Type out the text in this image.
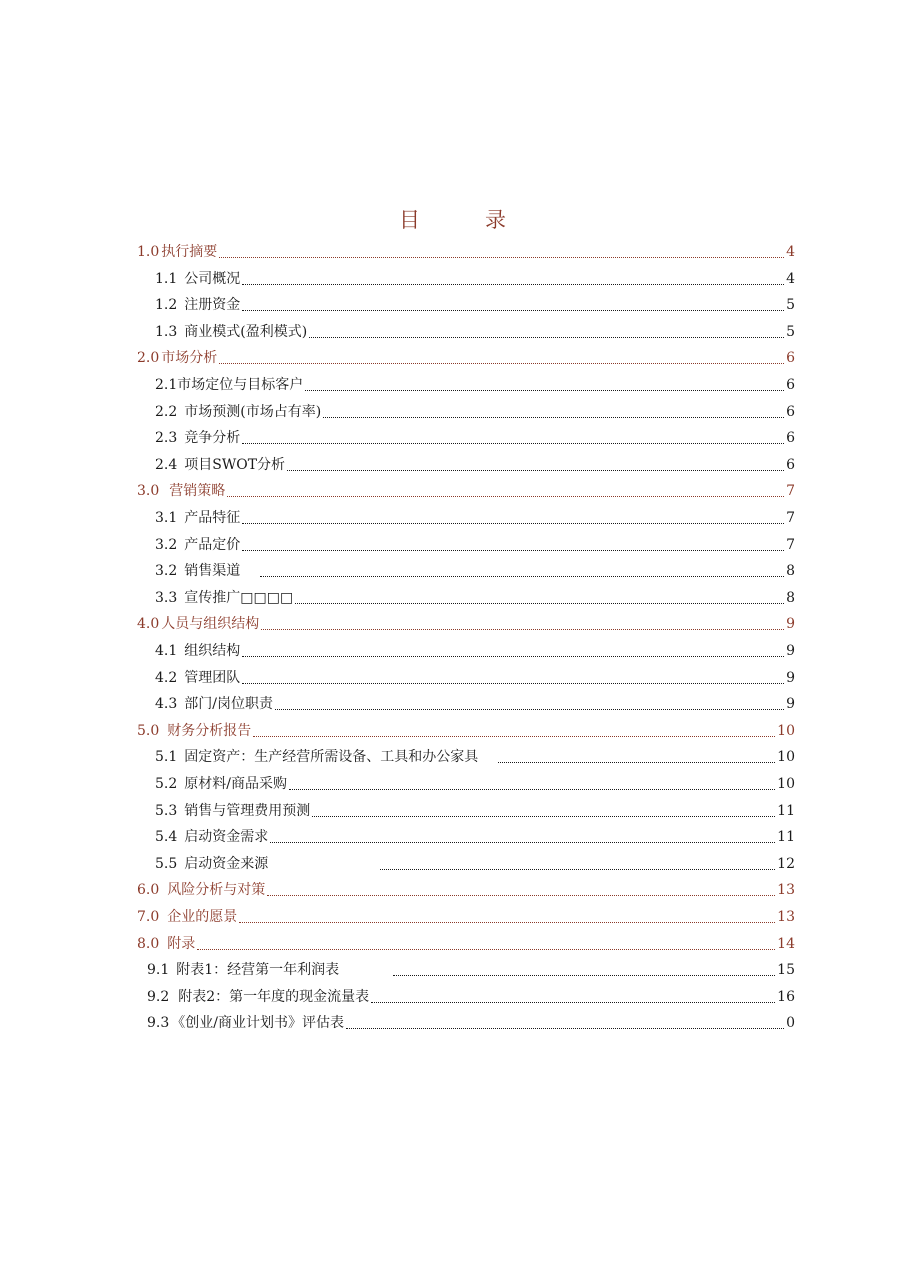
目　录
1.0 执行摘要	4
1.1 公司概况	4
1.2 注册资金	5
1.3 商业模式(盈利模式)	5
2.0 市场分析	6
2.1 市场定位与目标客户	6
2.2 市场预测(市场占有率)	6
2.3 竞争分析	6
2.4 项目SWOT分析	6
3.0 营销策略	7
3.1 产品特征	7
3.2 产品定价	7
3.2 销售渠道	8
3.3 宣传推广□□□□	8
4.0 人员与组织结构	9
4.1 组织结构	9
4.2 管理团队	9
4.3 部门/岗位职责	9
5.0 财务分析报告	10
5.1 固定资产：生产经营所需设备、工具和办公家具	10
5.2 原材料/商品采购	10
5.3 销售与管理费用预测	11
5.4 启动资金需求	11
5.5 启动资金来源	12
6.0 风险分析与对策	13
7.0 企业的愿景	13
8.0 附录	14
9.1 附表1：经营第一年利润表	15
9.2 附表2：第一年度的现金流量表	16
9.3 《创业/商业计划书》评估表	0
